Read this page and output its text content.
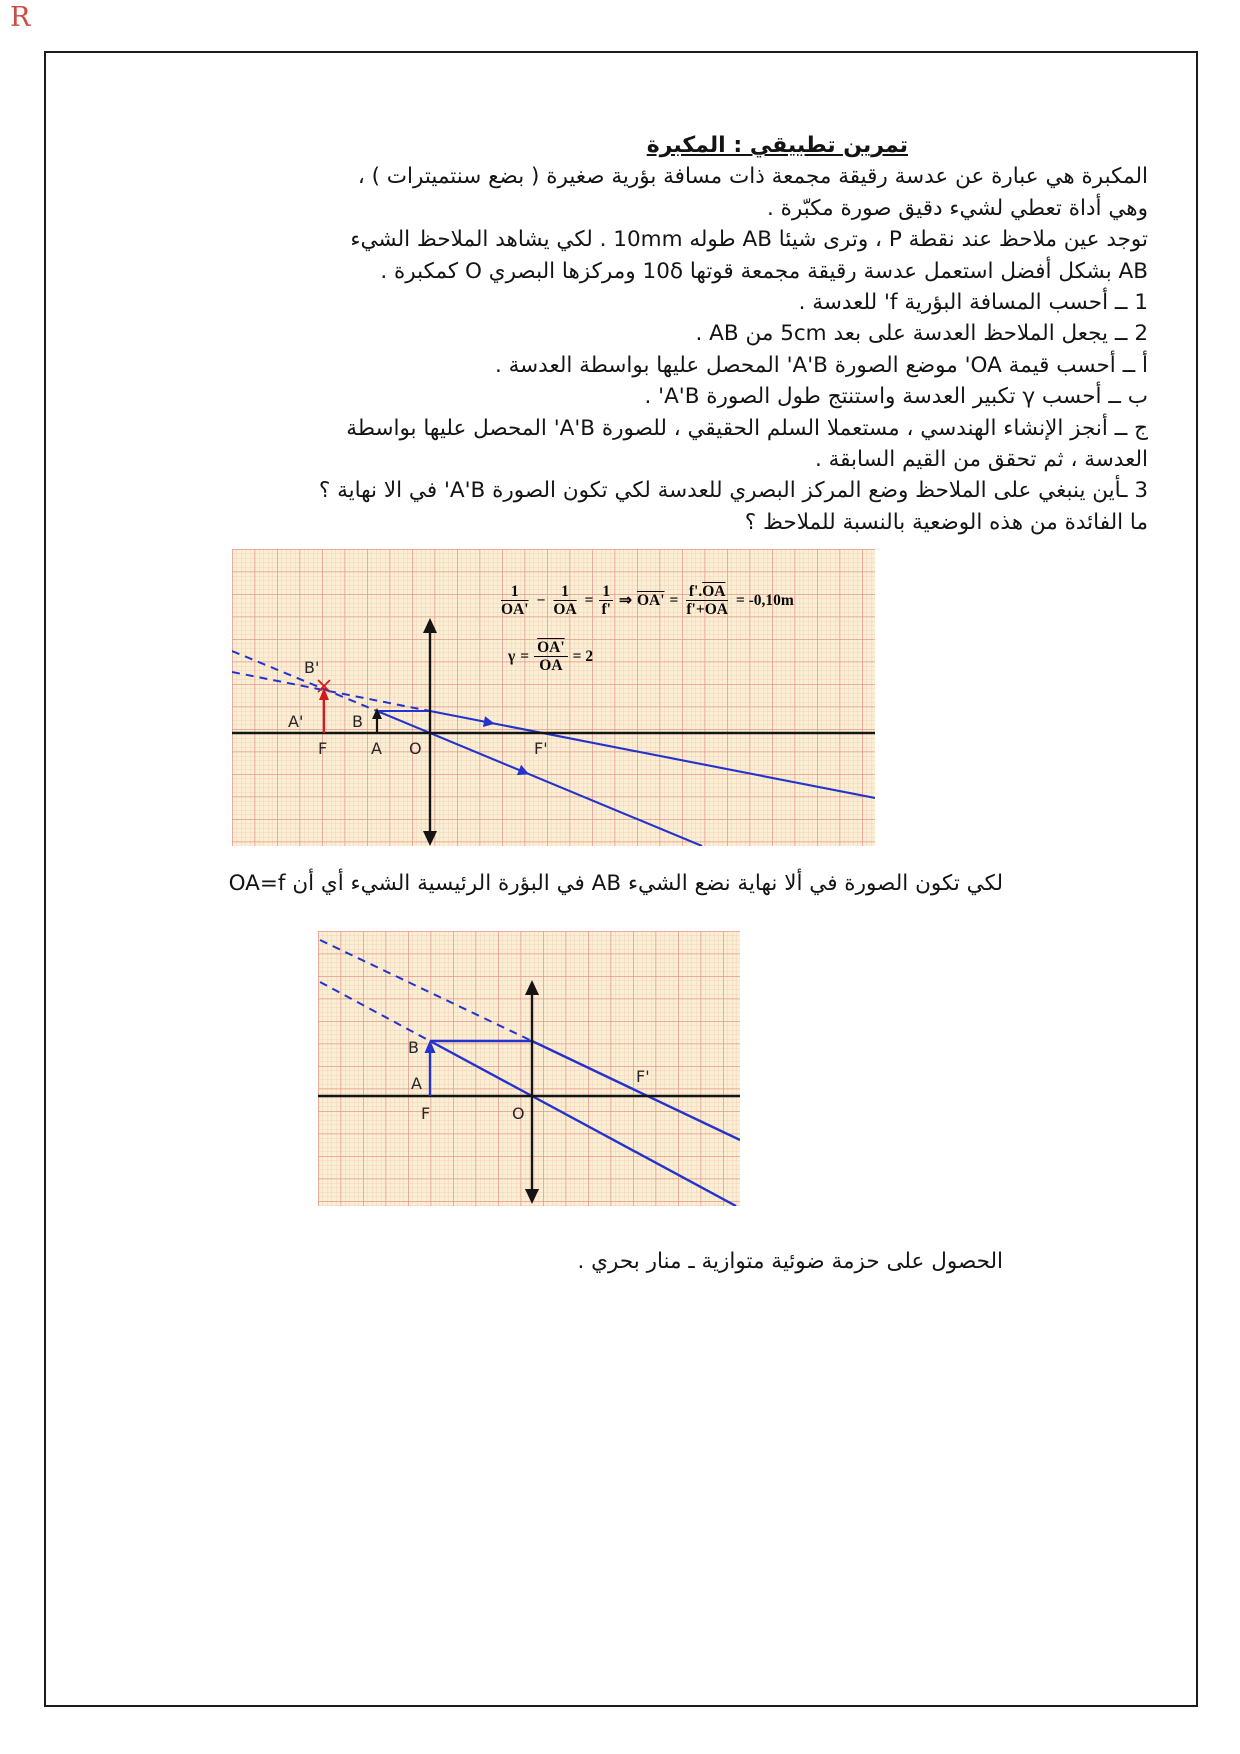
R
تمرين تطبيقي : المكبرة
المكبرة هي عبارة عن عدسة رقيقة مجمعة ذات مسافة بؤرية صغيرة ( بضع سنتميترات ) ،
وهي أداة تعطي لشيء دقيق صورة مكبّرة .
توجد عين ملاحظ عند نقطة P ، وترى شيئا AB طوله 10mm . لكي يشاهد الملاحظ الشيء
AB بشكل أفضل استعمل عدسة رقيقة مجمعة قوتها 10δ ومركزها البصري O كمكبرة .
1 ــ أحسب المسافة البؤرية f' للعدسة .
2 ــ يجعل الملاحظ العدسة على بعد 5cm من AB .
أ ــ أحسب قيمة OA' موضع الصورة A'B' المحصل عليها بواسطة العدسة .
ب ــ أحسب γ تكبير العدسة واستنتج طول الصورة A'B' .
ج ــ أنجز الإنشاء الهندسي ، مستعملا السلم الحقيقي ، للصورة A'B' المحصل عليها بواسطة
العدسة ، ثم تحقق من القيم السابقة .
3 ـأين ينبغي على الملاحظ وضع المركز البصري للعدسة لكي تكون الصورة A'B' في الا نهاية ؟
ما الفائدة من هذه الوضعية بالنسبة للملاحظ ؟
B'
A'	B
F	A O	F'
$\frac{1}{OA'} - \frac{1}{OA} = \frac{1}{f'}$ ⇒ $OA' = \frac{f'.\overline{OA}}{f'+\overline{OA}} = -0,10m$
$\gamma = \frac{OA'}{OA} = 2$
لكي تكون الصورة في ألا نهاية نضع الشيء AB في البؤرة الرئيسية الشيء أي أن OA=f
B
A
F	O
F'
الحصول على حزمة ضوئية متوازية ـ منار بحري .
